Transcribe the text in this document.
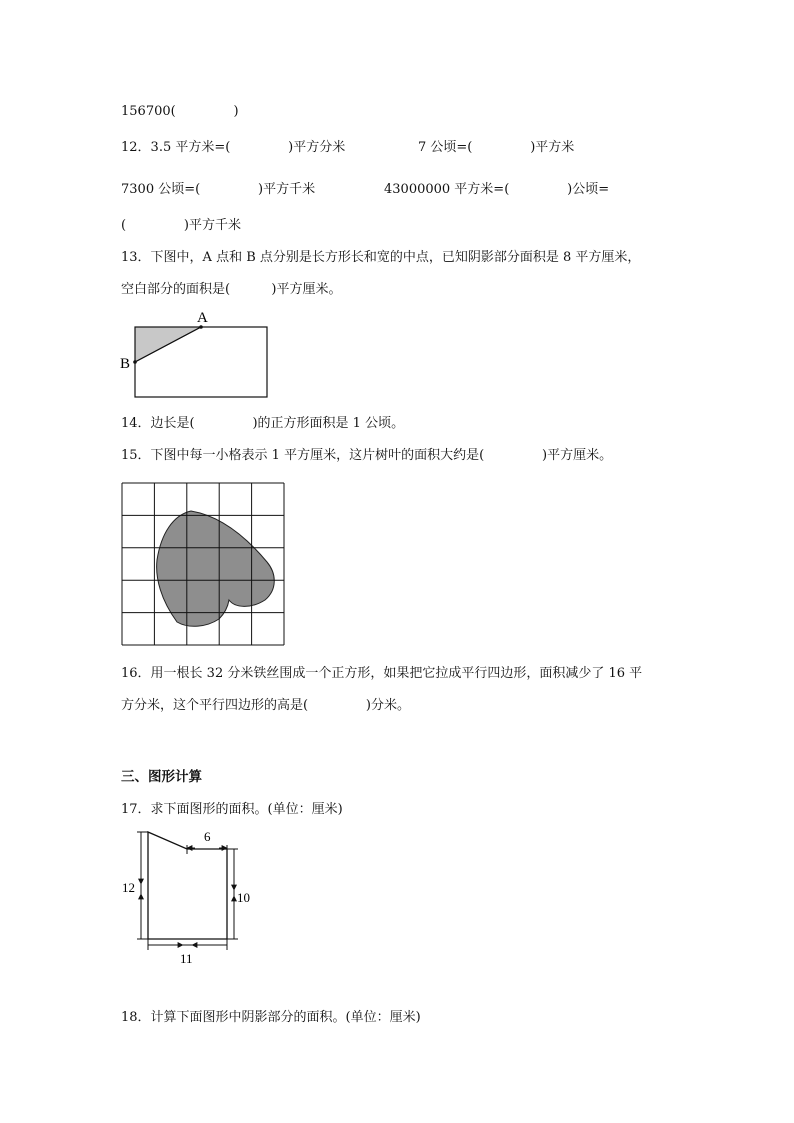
156700(              )
12．3.5 平方米=(              )平方分米	7 公顷=(              )平方米
7300 公顷=(              )平方千米	43000000 平方米=(              )公顷=
(              )平方千米
13．下图中，A 点和 B 点分别是长方形长和宽的中点，已知阴影部分面积是 8 平方厘米，
空白部分的面积是(          )平方厘米。
A
B
14．边长是(              )的正方形面积是 1 公顷。
15．下图中每一小格表示 1 平方厘米，这片树叶的面积大约是(              )平方厘米。
16．用一根长 32 分米铁丝围成一个正方形，如果把它拉成平行四边形，面积减少了 16 平
方分米，这个平行四边形的高是(              )分米。
三、图形计算
17．求下面图形的面积。(单位：厘米)
6
12
10
11
18．计算下面图形中阴影部分的面积。(单位：厘米)
